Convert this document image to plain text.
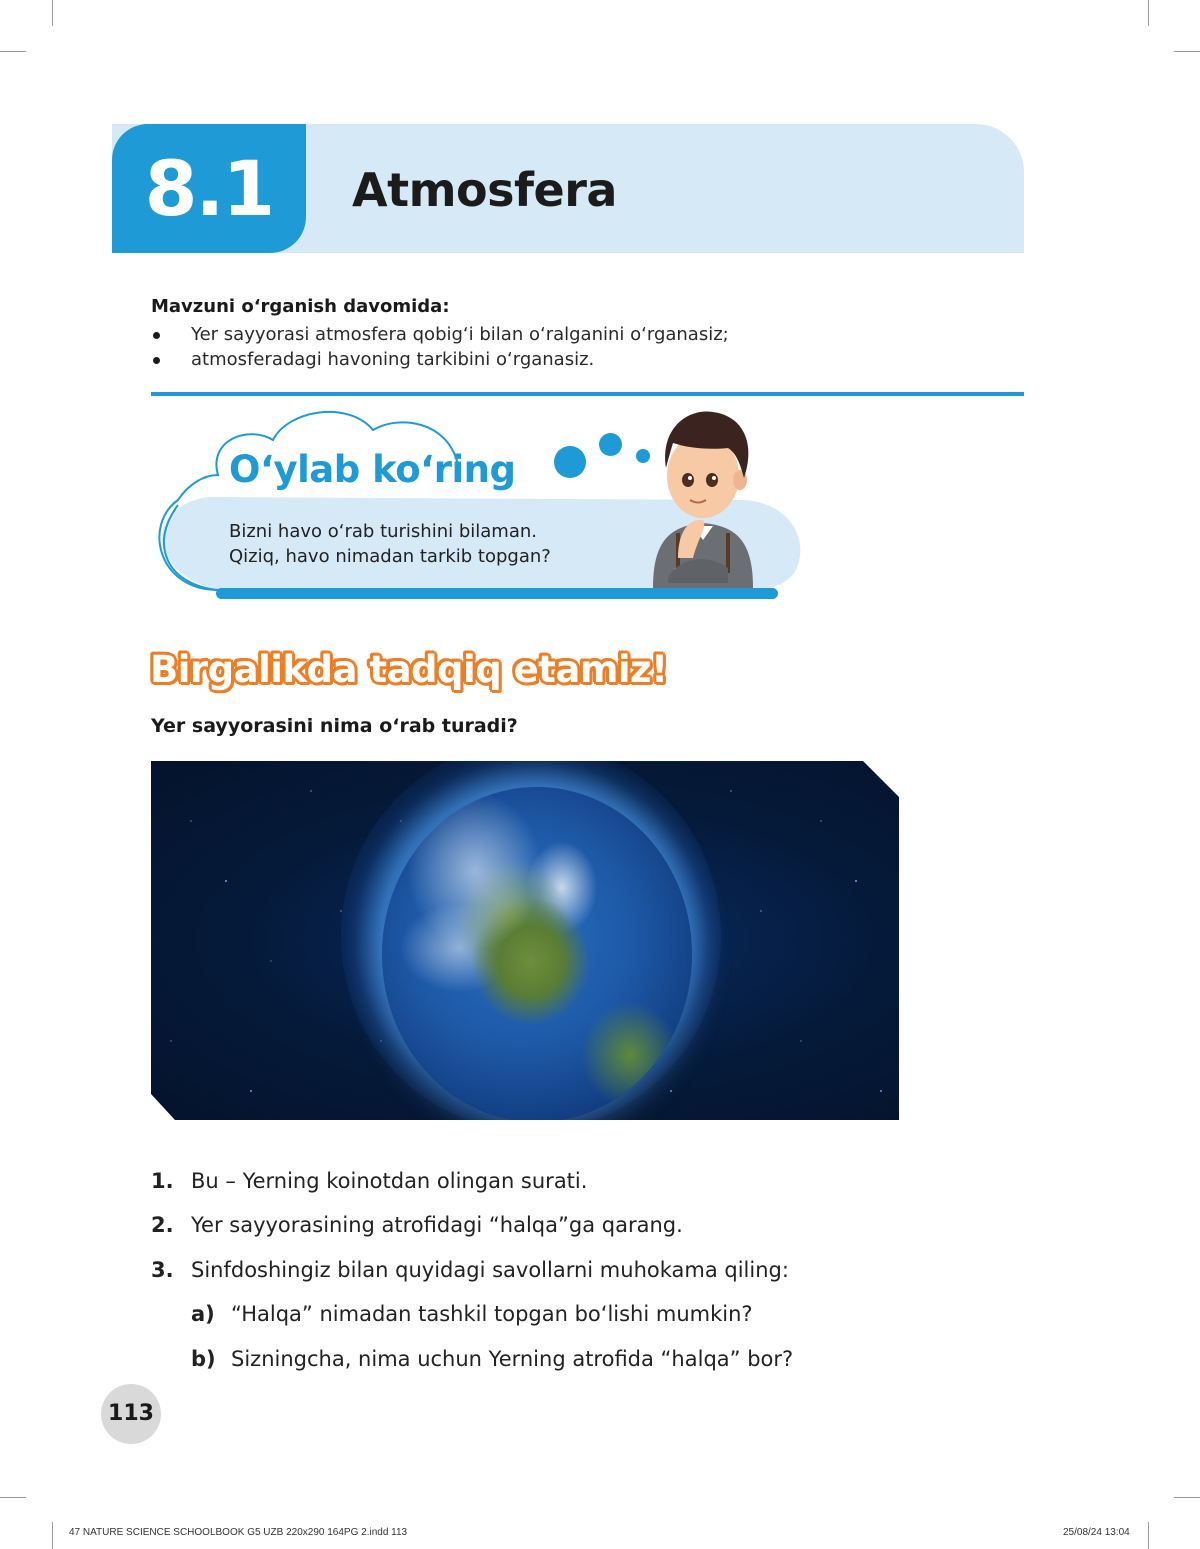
8.1	Atmosfera
Mavzuni o‘rganish davomida:
Yer sayyorasi atmosfera qobig‘i bilan o‘ralganini o‘rganasiz;
atmosferadagi havoning tarkibini o‘rganasiz.
O‘ylab ko‘ring
Bizni havo o‘rab turishini bilaman.
Qiziq, havo nimadan tarkib topgan?
Birgalikda tadqiq etamiz!
Yer sayyorasini nima o‘rab turadi?
1. Bu – Yerning koinotdan olingan surati.
2. Yer sayyorasining atrofidagi “halqa”ga qarang.
3. Sinfdoshingiz bilan quyidagi savollarni muhokama qiling:
a) “Halqa” nimadan tashkil topgan bo‘lishi mumkin?
b) Sizningcha, nima uchun Yerning atrofida “halqa” bor?
113
47 NATURE SCIENCE SCHOOLBOOK G5 UZB 220x290 164PG 2.indd 113	25/08/24 13:04
